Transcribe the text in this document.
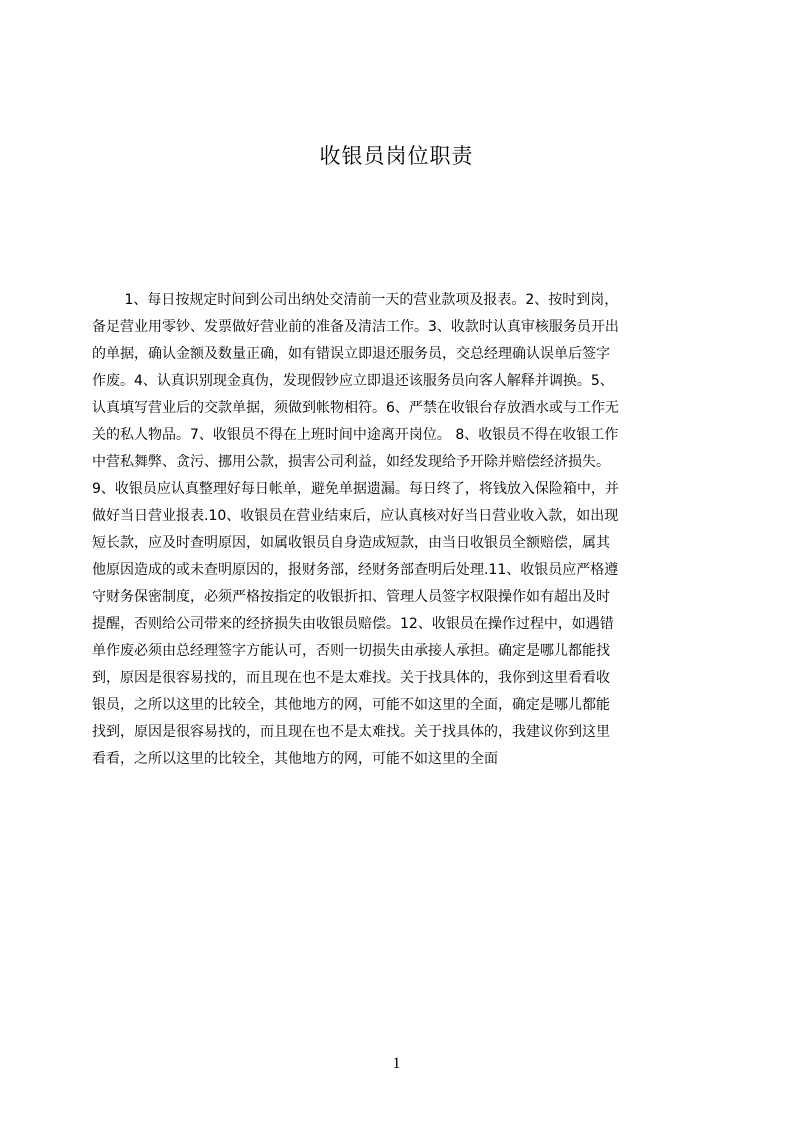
收银员岗位职责
　　 1、每日按规定时间到公司出纳处交清前一天的营业款项及报表。2、按时到岗，
备足营业用零钞、发票做好营业前的准备及清洁工作。3、收款时认真审核服务员开出
的单据，确认金额及数量正确，如有错误立即退还服务员，交总经理确认误单后签字
作废。4、认真识别现金真伪，发现假钞应立即退还该服务员向客人解释并调换。5、
认真填写营业后的交款单据，须做到帐物相符。6、严禁在收银台存放酒水或与工作无
关的私人物品。7、收银员不得在上班时间中途离开岗位。 8、收银员不得在收银工作
中营私舞弊、贪污、挪用公款，损害公司利益，如经发现给予开除并赔偿经济损失。
9、收银员应认真整理好每日帐单，避免单据遗漏。每日终了，将钱放入保险箱中，并
做好当日营业报表.10、收银员在营业结束后，应认真核对好当日营业收入款，如出现
短长款，应及时查明原因，如属收银员自身造成短款，由当日收银员全额赔偿，属其
他原因造成的或未查明原因的，报财务部，经财务部查明后处理.11、收银员应严格遵
守财务保密制度，必须严格按指定的收银折扣、管理人员签字权限操作如有超出及时
提醒，否则给公司带来的经挤损失由收银员赔偿。12、收银员在操作过程中，如遇错
单作废必须由总经理签字方能认可，否则一切损失由承接人承担。确定是哪儿都能找
到，原因是很容易找的，而且现在也不是太难找。关于找具体的，我你到这里看看收
银员，之所以这里的比较全，其他地方的网，可能不如这里的全面，确定是哪儿都能
找到，原因是很容易找的，而且现在也不是太难找。关于找具体的，我建议你到这里
看看，之所以这里的比较全，其他地方的网，可能不如这里的全面
1
